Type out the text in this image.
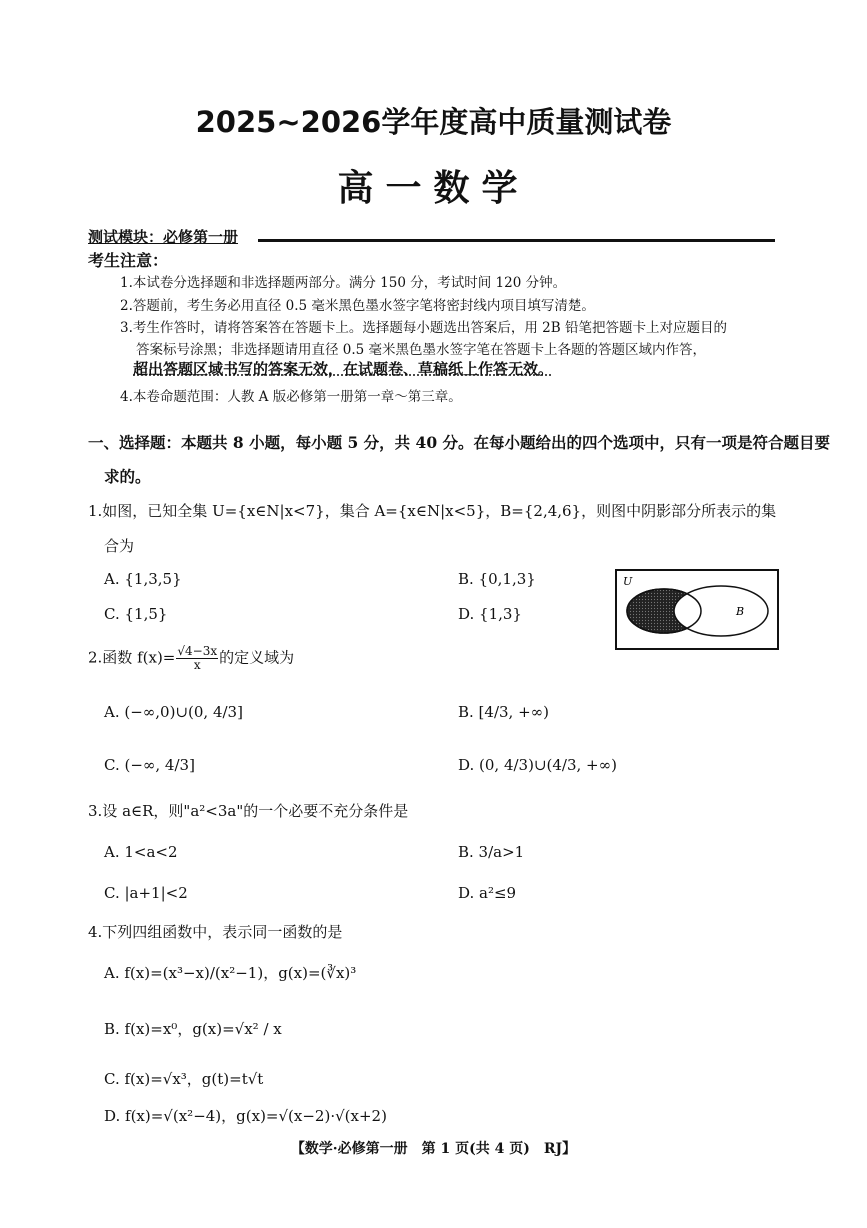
2025~2026学年度高中质量测试卷
高一数学
测试模块：必修第一册
考生注意：
1.本试卷分选择题和非选择题两部分。满分 150 分，考试时间 120 分钟。
2.答题前，考生务必用直径 0.5 毫米黑色墨水签字笔将密封线内项目填写清楚。
3.考生作答时，请将答案答在答题卡上。选择题每小题选出答案后，用 2B 铅笔把答题卡上对应题目的
答案标号涂黑；非选择题请用直径 0.5 毫米黑色墨水签字笔在答题卡上各题的答题区域内作答，
超出答题区域书写的答案无效，在试题卷、草稿纸上作答无效。
4.本卷命题范围：人教 A 版必修第一册第一章～第三章。
一、选择题：本题共 8 小题，每小题 5 分，共 40 分。在每小题给出的四个选项中，只有一项是符合题目要
求的。
1.如图，已知全集 U={x∈N|x<7}，集合 A={x∈N|x<5}，B={2,4,6}，则图中阴影部分所表示的集
合为
A. {1,3,5}	B. {0,1,3}
C. {1,5}	D. {1,3}
U
B
2.函数 $f(x)= \frac{√4-3x}{x}$ 的定义域为
A. (−∞,0)∪(0, 4/3]	B. [4/3, +∞)
C. (−∞, 4/3]	D. (0, 4/3)∪(4/3, +∞)
3.设 a∈R，则"a²<3a"的一个必要不充分条件是
A. 1<a<2	B. 3/a>1
C. |a+1|<2	D. a²≤9
4.下列四组函数中，表示同一函数的是
A. f(x)=(x³−x)/(x²−1)，g(x)=(∛x)³
B. f(x)=x⁰，g(x)=√x² / x
C. f(x)=√x³，g(t)=t√t
D. f(x)=√(x²−4)，g(x)=√(x−2)·√(x+2)
【数学·必修第一册　第 1 页(共 4 页)　RJ】
